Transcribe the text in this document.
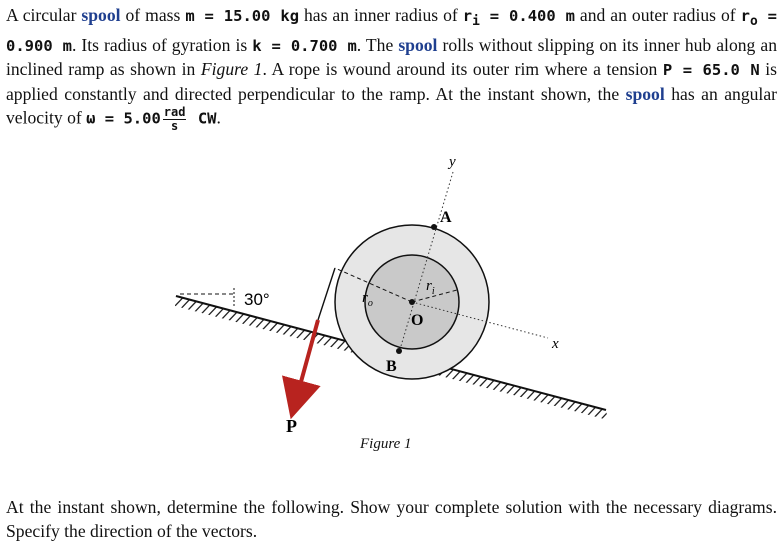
A circular spool of mass m = 15.00 kg has an inner radius of $r_i = 0.400$ m and an outer radius of $r_o = 0.900$ m. Its radius of gyration is k = 0.700 m. The spool rolls without slipping on its inner hub along an inclined ramp as shown in Figure 1. A rope is wound around its outer rim where a tension P = 65.0 N is applied constantly and directed perpendicular to the ramp. At the instant shown, the spool has an angular velocity of $\omega = 5.00 \frac{\text{rad}}{s}$ CW.
30°
y
x
$r_o$
$r_i$
A
O
B
P
Figure 1
At the instant shown, determine the following. Show your complete solution with the necessary diagrams. Specify the direction of the vectors.
